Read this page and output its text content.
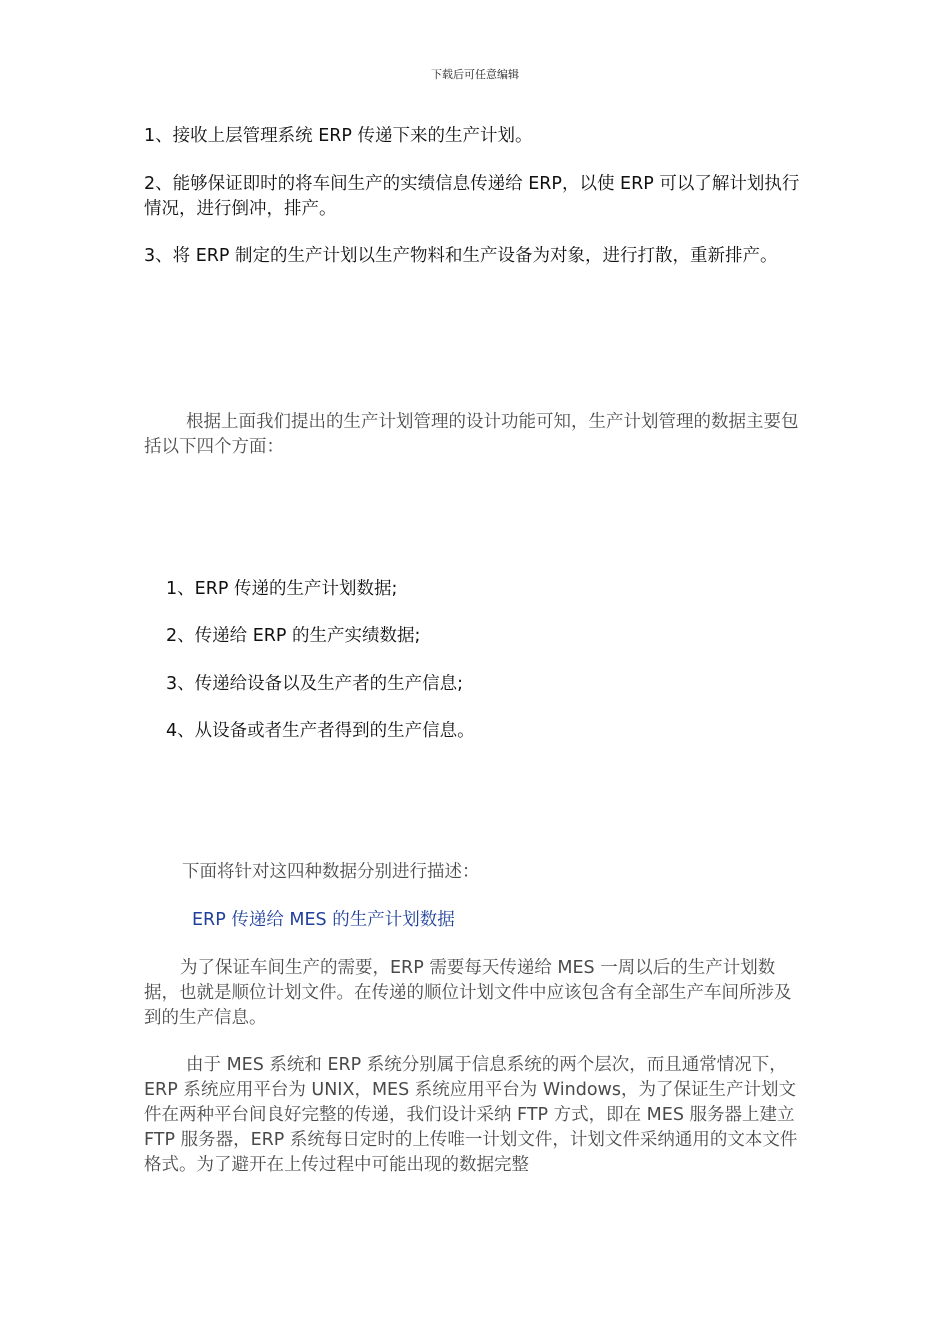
下载后可任意编辑

1、接收上层管理系统 ERP 传递下来的生产计划。

2、能够保证即时的将车间生产的实绩信息传递给 ERP，以使 ERP 可以了解计划执行情况，进行倒冲，排产。

3、将 ERP 制定的生产计划以生产物料和生产设备为对象，进行打散，重新排产。

根据上面我们提出的生产计划管理的设计功能可知，生产计划管理的数据主要包括以下四个方面：

1、ERP 传递的生产计划数据;

2、传递给 ERP 的生产实绩数据;

3、传递给设备以及生产者的生产信息;

4、从设备或者生产者得到的生产信息。

下面将针对这四种数据分别进行描述：

ERP 传递给 MES 的生产计划数据

为了保证车间生产的需要，ERP 需要每天传递给 MES 一周以后的生产计划数据，也就是顺位计划文件。在传递的顺位计划文件中应该包含有全部生产车间所涉及到的生产信息。

由于 MES 系统和 ERP 系统分别属于信息系统的两个层次，而且通常情况下，ERP 系统应用平台为 UNIX，MES 系统应用平台为 Windows，为了保证生产计划文件在两种平台间良好完整的传递，我们设计采纳 FTP 方式，即在 MES 服务器上建立 FTP 服务器，ERP 系统每日定时的上传唯一计划文件，计划文件采纳通用的文本文件格式。为了避开在上传过程中可能出现的数据完整
